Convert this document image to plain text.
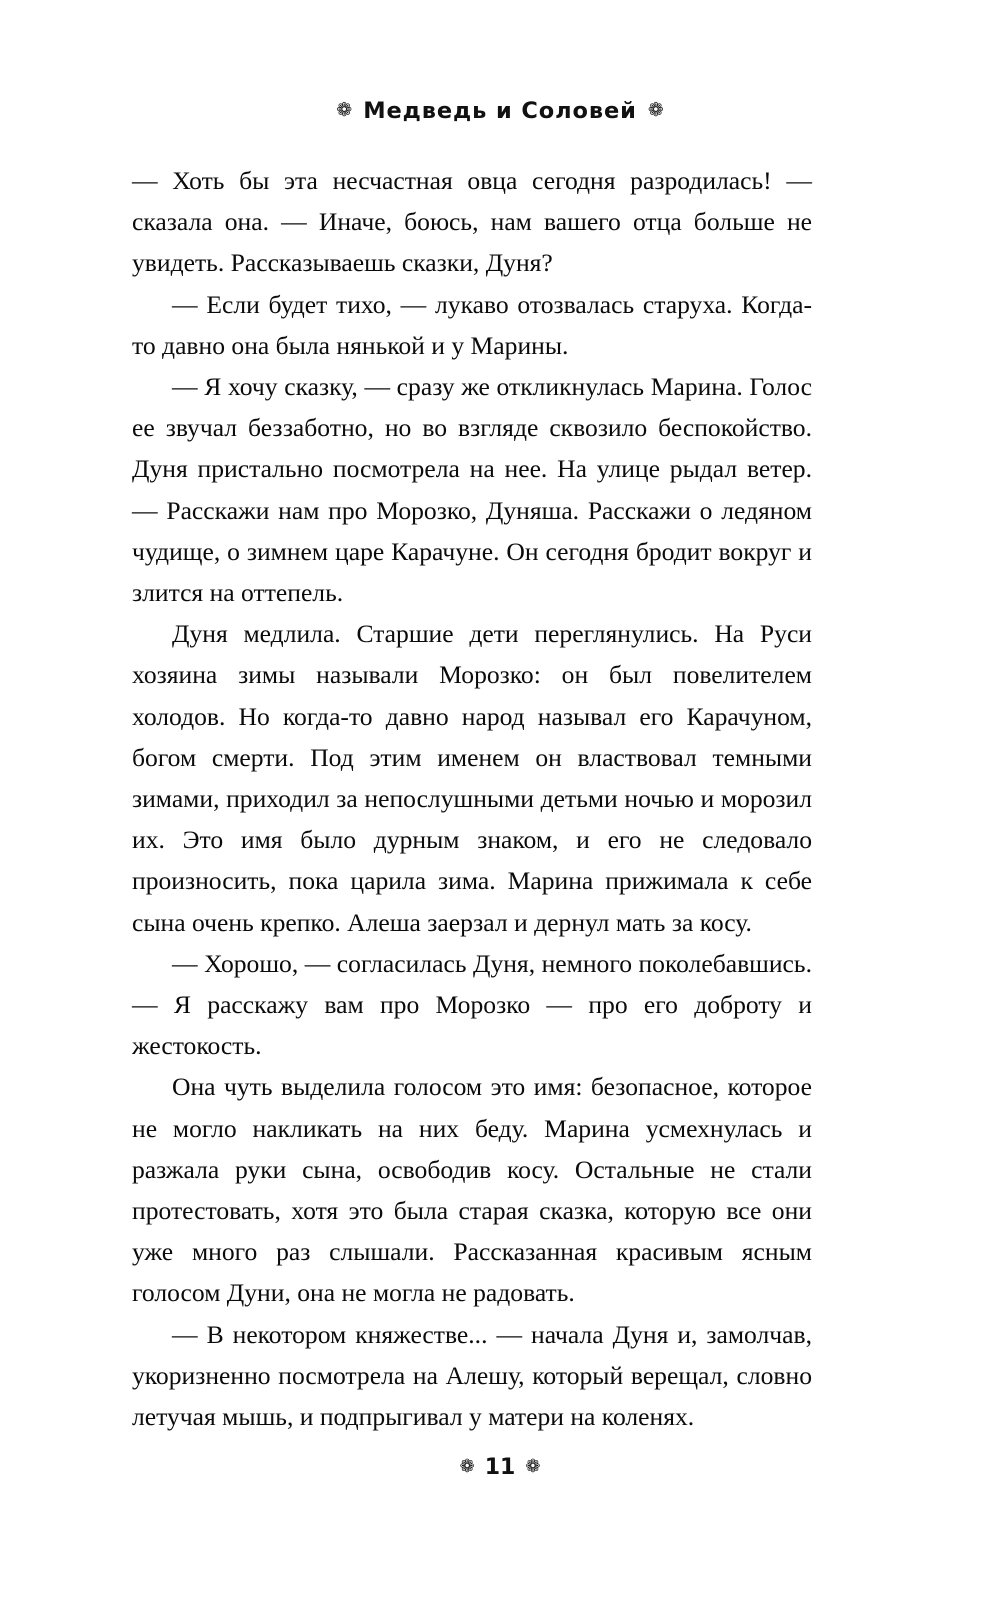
❁ Медведь и Соловей ❁

— Хоть бы эта несчастная овца сегодня разродилась! — сказала она. — Иначе, боюсь, нам вашего отца больше не увидеть. Рассказываешь сказки, Дуня?

— Если будет тихо, — лукаво отозвалась старуха. Когда-то давно она была нянькой и у Марины.

— Я хочу сказку, — сразу же откликнулась Марина. Голос ее звучал беззаботно, но во взгляде сквозило беспокойство. Дуня пристально посмотрела на нее. На улице рыдал ветер. — Расскажи нам про Морозко, Дуняша. Расскажи о ледяном чудище, о зимнем царе Карачуне. Он сегодня бродит вокруг и злится на оттепель.

Дуня медлила. Старшие дети переглянулись. На Руси хозяина зимы называли Морозко: он был повелителем холодов. Но когда-то давно народ называл его Карачуном, богом смерти. Под этим именем он властвовал темными зимами, приходил за непослушными детьми ночью и морозил их. Это имя было дурным знаком, и его не следовало произносить, пока царила зима. Марина прижимала к себе сына очень крепко. Алеша заерзал и дернул мать за косу.

— Хорошо, — согласилась Дуня, немного поколебавшись. — Я расскажу вам про Морозко — про его доброту и жестокость.

Она чуть выделила голосом это имя: безопасное, которое не могло накликать на них беду. Марина усмехнулась и разжала руки сына, освободив косу. Остальные не стали протестовать, хотя это была старая сказка, которую все они уже много раз слышали. Рассказанная красивым ясным голосом Дуни, она не могла не радовать.

— В некотором княжестве... — начала Дуня и, замолчав, укоризненно посмотрела на Алешу, который верещал, словно летучая мышь, и подпрыгивал у матери на коленях.

❁ 11 ❁
